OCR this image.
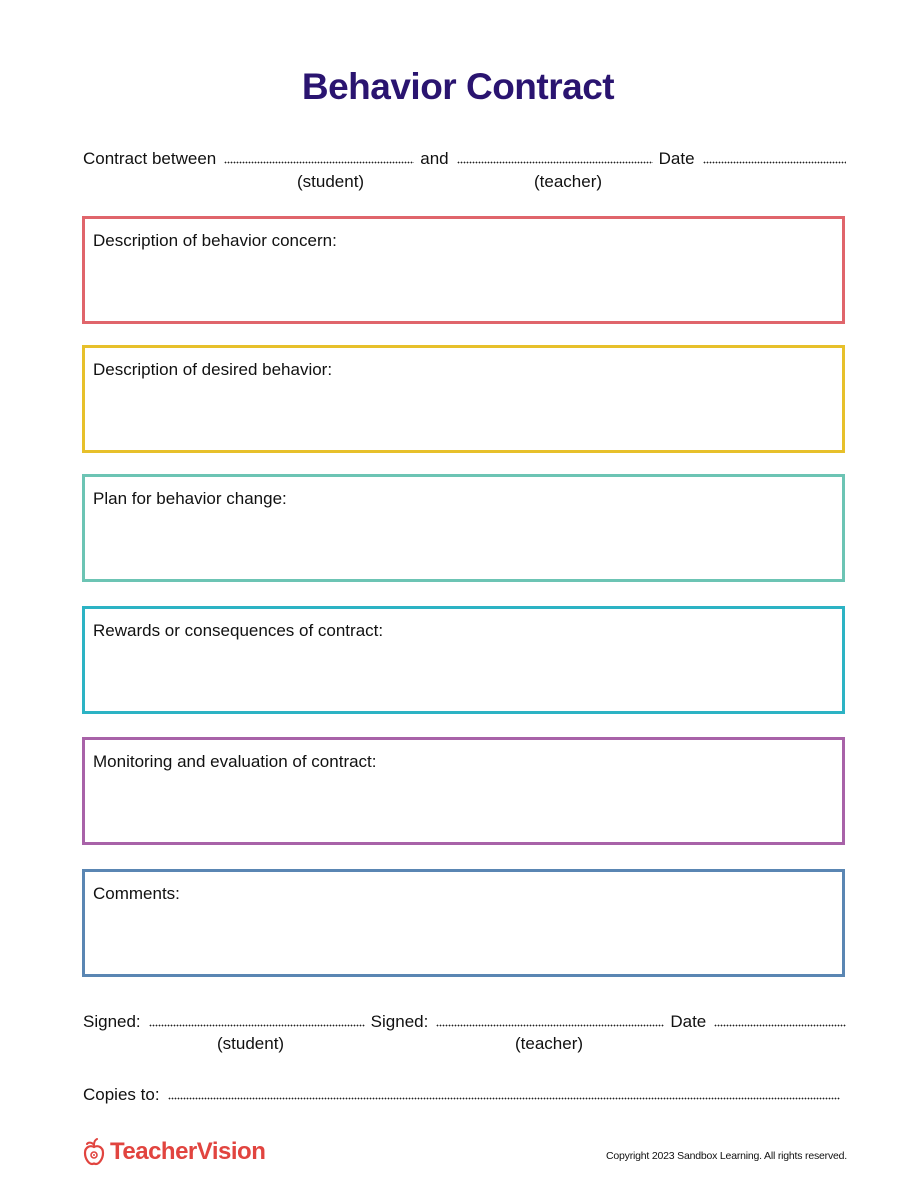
Behavior Contract
Contract between	and	Date
(student)	(teacher)
Description of behavior concern:
Description of desired behavior:
Plan for behavior change:
Rewards or consequences of contract:
Monitoring and evaluation of contract:
Comments:
Signed:	Signed:	Date
(student)	(teacher)
Copies to:
TeacherVision	Copyright 2023 Sandbox Learning. All rights reserved.
